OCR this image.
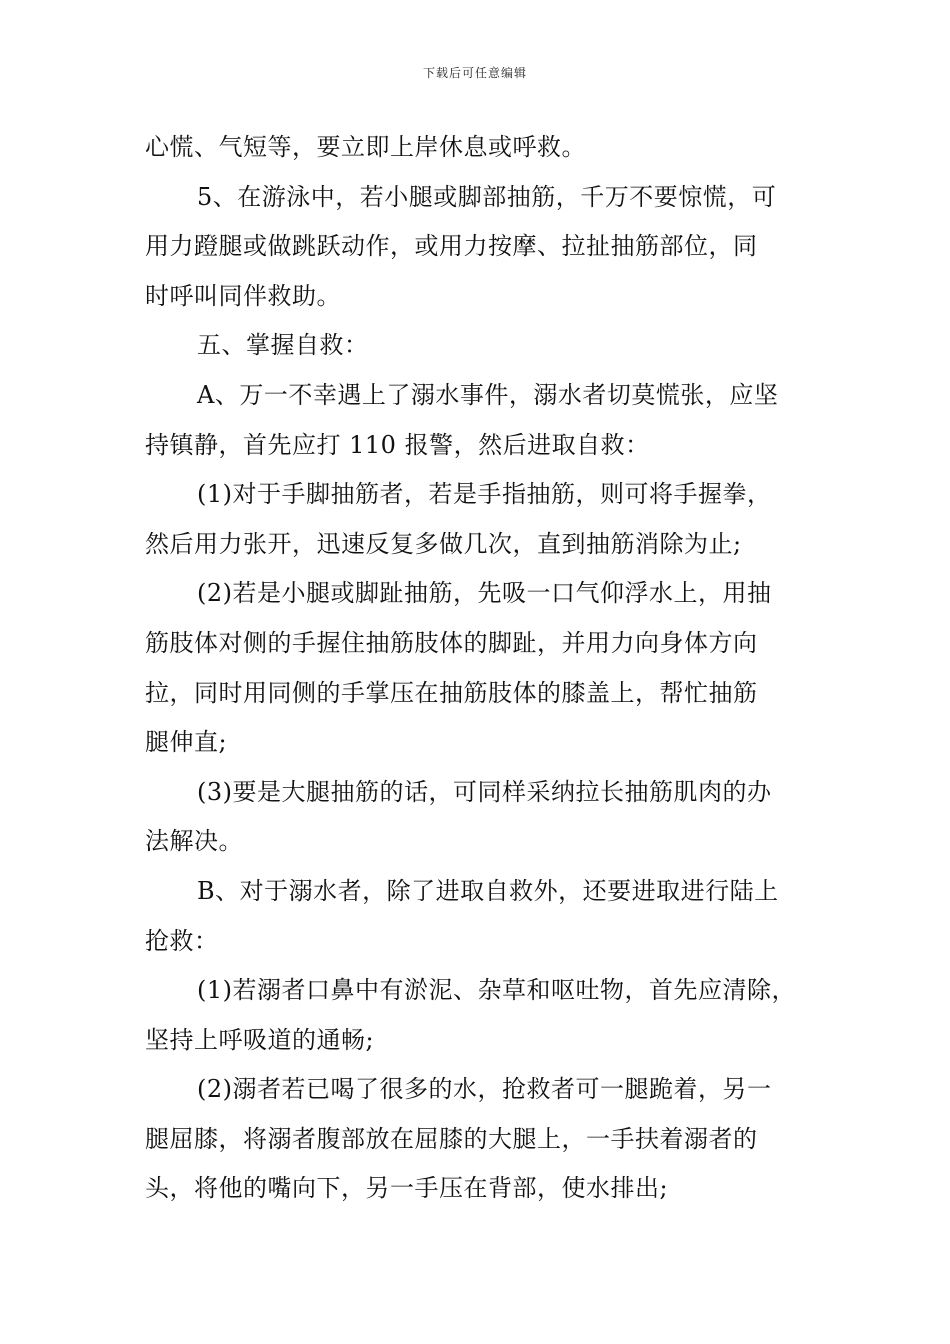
下载后可任意编辑
心慌、气短等，要立即上岸休息或呼救。
5、在游泳中，若小腿或脚部抽筋，千万不要惊慌，可
用力蹬腿或做跳跃动作，或用力按摩、拉扯抽筋部位，同
时呼叫同伴救助。
五、掌握自救：
A、万一不幸遇上了溺水事件，溺水者切莫慌张，应坚
持镇静，首先应打 110 报警，然后进取自救：
(1)对于手脚抽筋者，若是手指抽筋，则可将手握拳，
然后用力张开，迅速反复多做几次，直到抽筋消除为止;
(2)若是小腿或脚趾抽筋，先吸一口气仰浮水上，用抽
筋肢体对侧的手握住抽筋肢体的脚趾，并用力向身体方向
拉，同时用同侧的手掌压在抽筋肢体的膝盖上，帮忙抽筋
腿伸直;
(3)要是大腿抽筋的话，可同样采纳拉长抽筋肌肉的办
法解决。
B、对于溺水者，除了进取自救外，还要进取进行陆上
抢救：
(1)若溺者口鼻中有淤泥、杂草和呕吐物，首先应清除，
坚持上呼吸道的通畅;
(2)溺者若已喝了很多的水，抢救者可一腿跪着，另一
腿屈膝，将溺者腹部放在屈膝的大腿上，一手扶着溺者的
头，将他的嘴向下，另一手压在背部，使水排出;
